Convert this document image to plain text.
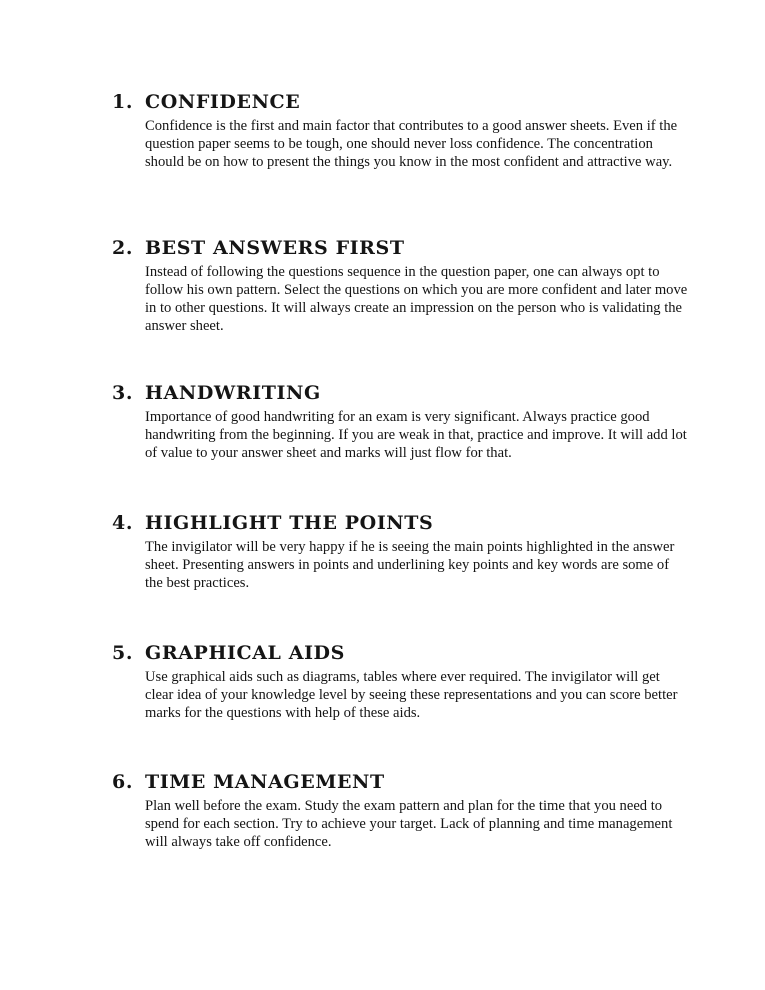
1. CONFIDENCE

Confidence is the first and main factor that contributes to a good answer sheets. Even if the question paper seems to be tough, one should never loss confidence. The concentration should be on how to present the things you know in the most confident and attractive way.

2. BEST ANSWERS FIRST

Instead of following the questions sequence in the question paper, one can always opt to follow his own pattern. Select the questions on which you are more confident and later move in to other questions. It will always create an impression on the person who is validating the answer sheet.

3. HANDWRITING

Importance of good handwriting for an exam is very significant. Always practice good handwriting from the beginning. If you are weak in that, practice and improve. It will add lot of value to your answer sheet and marks will just flow for that.

4. HIGHLIGHT THE POINTS

The invigilator will be very happy if he is seeing the main points highlighted in the answer sheet. Presenting answers in points and underlining key points and key words are some of the best practices.

5. GRAPHICAL AIDS

Use graphical aids such as diagrams, tables where ever required. The invigilator will get clear idea of your knowledge level by seeing these representations and you can score better marks for the questions with help of these aids.

6. TIME MANAGEMENT

Plan well before the exam. Study the exam pattern and plan for the time that you need to spend for each section. Try to achieve your target. Lack of planning and time management will always take off confidence.
